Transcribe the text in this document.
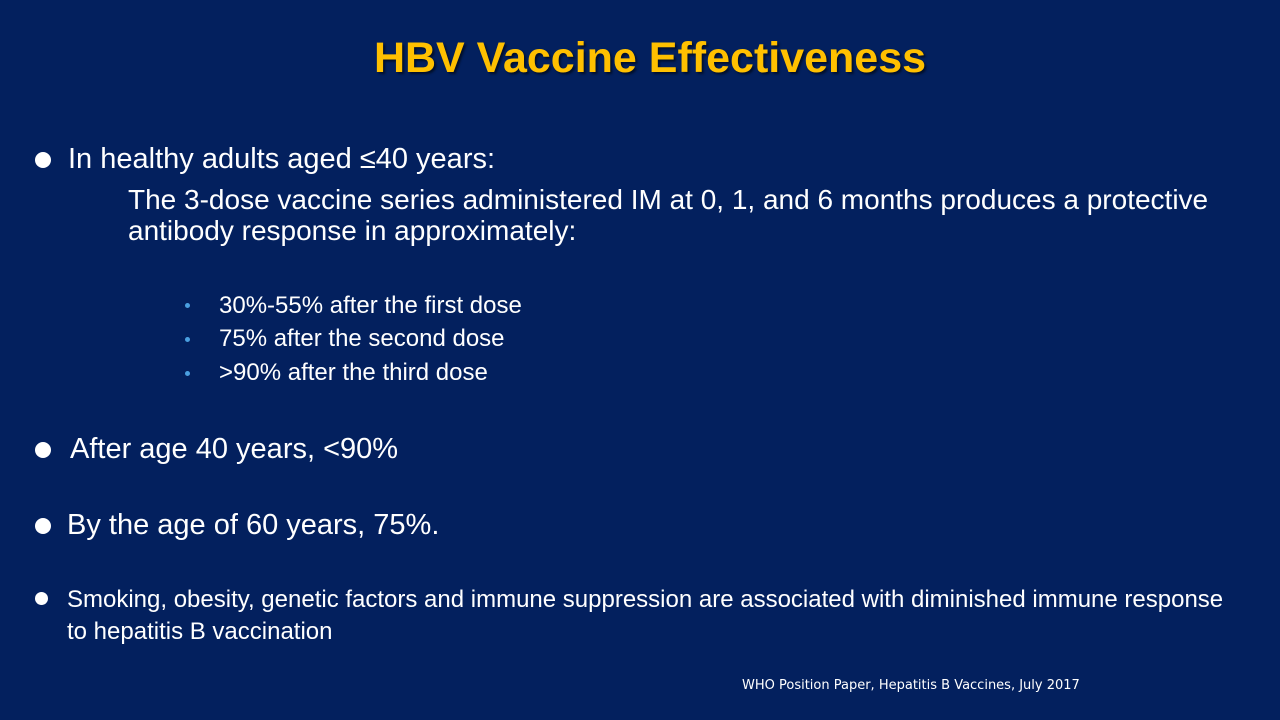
HBV Vaccine Effectiveness
In healthy adults aged ≤40 years:
The 3-dose vaccine series administered IM at 0, 1, and 6 months produces a protective antibody response in approximately:
30%-55% after the first dose
75% after the second dose
>90% after the third dose
After age 40 years, <90%
By the age of 60 years, 75%.
Smoking, obesity, genetic factors and immune suppression are associated with diminished immune response to hepatitis B vaccination
WHO Position Paper, Hepatitis B Vaccines, July 2017
